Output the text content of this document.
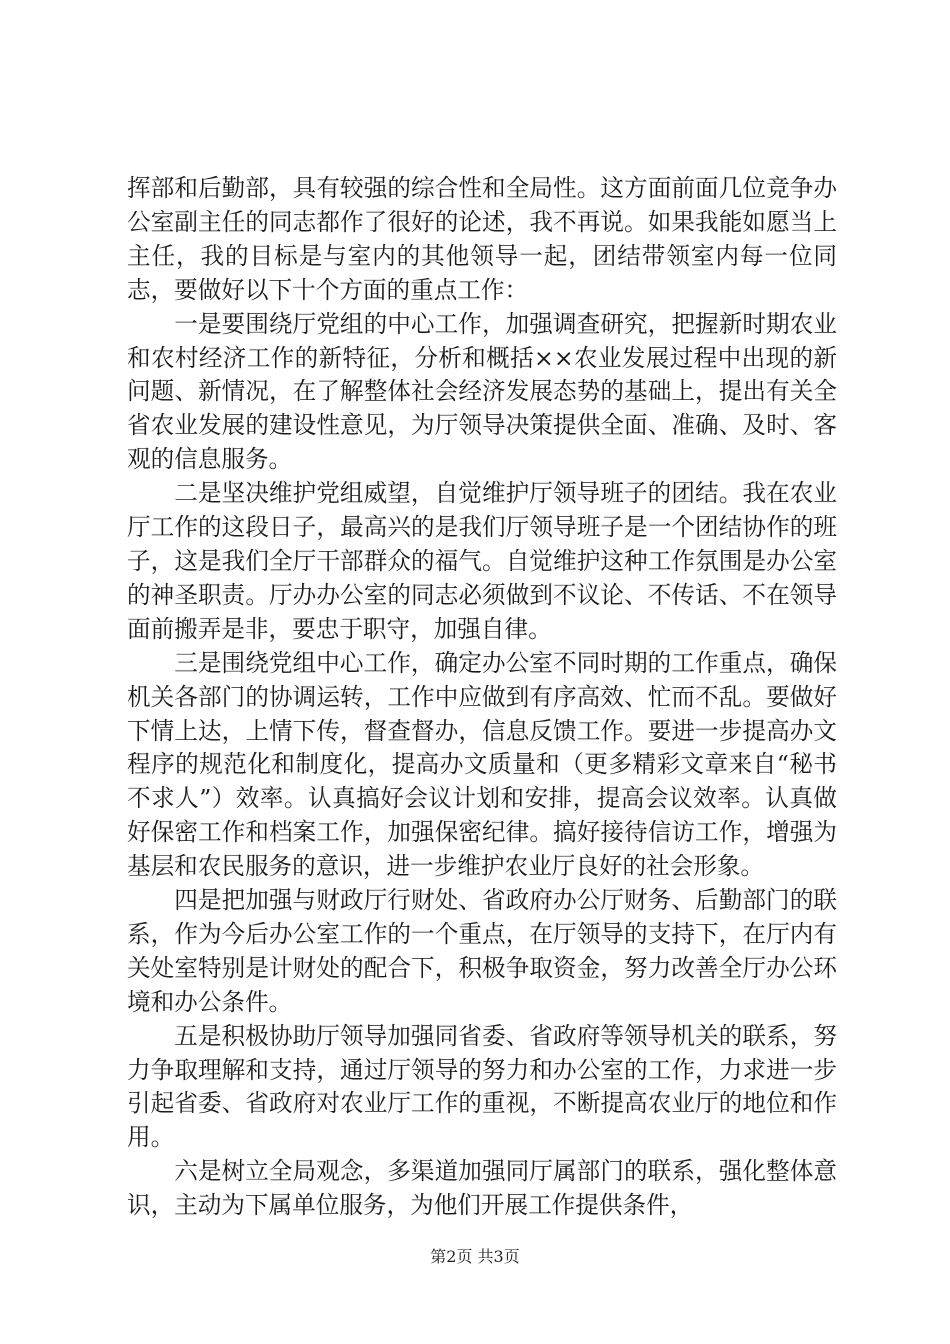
挥部和后勤部，具有较强的综合性和全局性。这方面前面几位竞争办公室副主任的同志都作了很好的论述，我不再说。如果我能如愿当上主任，我的目标是与室内的其他领导一起，团结带领室内每一位同志，要做好以下十个方面的重点工作：

一是要围绕厅党组的中心工作，加强调查研究，把握新时期农业和农村经济工作的新特征，分析和概括××农业发展过程中出现的新问题、新情况，在了解整体社会经济发展态势的基础上，提出有关全省农业发展的建设性意见，为厅领导决策提供全面、准确、及时、客观的信息服务。

二是坚决维护党组威望，自觉维护厅领导班子的团结。我在农业厅工作的这段日子，最高兴的是我们厅领导班子是一个团结协作的班子，这是我们全厅干部群众的福气。自觉维护这种工作氛围是办公室的神圣职责。厅办办公室的同志必须做到不议论、不传话、不在领导面前搬弄是非，要忠于职守，加强自律。

三是围绕党组中心工作，确定办公室不同时期的工作重点，确保机关各部门的协调运转，工作中应做到有序高效、忙而不乱。要做好下情上达，上情下传，督查督办，信息反馈工作。要进一步提高办文程序的规范化和制度化，提高办文质量和（更多精彩文章来自“秘书不求人”）效率。认真搞好会议计划和安排，提高会议效率。认真做好保密工作和档案工作，加强保密纪律。搞好接待信访工作，增强为基层和农民服务的意识，进一步维护农业厅良好的社会形象。

四是把加强与财政厅行财处、省政府办公厅财务、后勤部门的联系，作为今后办公室工作的一个重点，在厅领导的支持下，在厅内有关处室特别是计财处的配合下，积极争取资金，努力改善全厅办公环境和办公条件。

五是积极协助厅领导加强同省委、省政府等领导机关的联系，努力争取理解和支持，通过厅领导的努力和办公室的工作，力求进一步引起省委、省政府对农业厅工作的重视，不断提高农业厅的地位和作用。

六是树立全局观念，多渠道加强同厅属部门的联系，强化整体意识，主动为下属单位服务，为他们开展工作提供条件，

第2页 共3页
